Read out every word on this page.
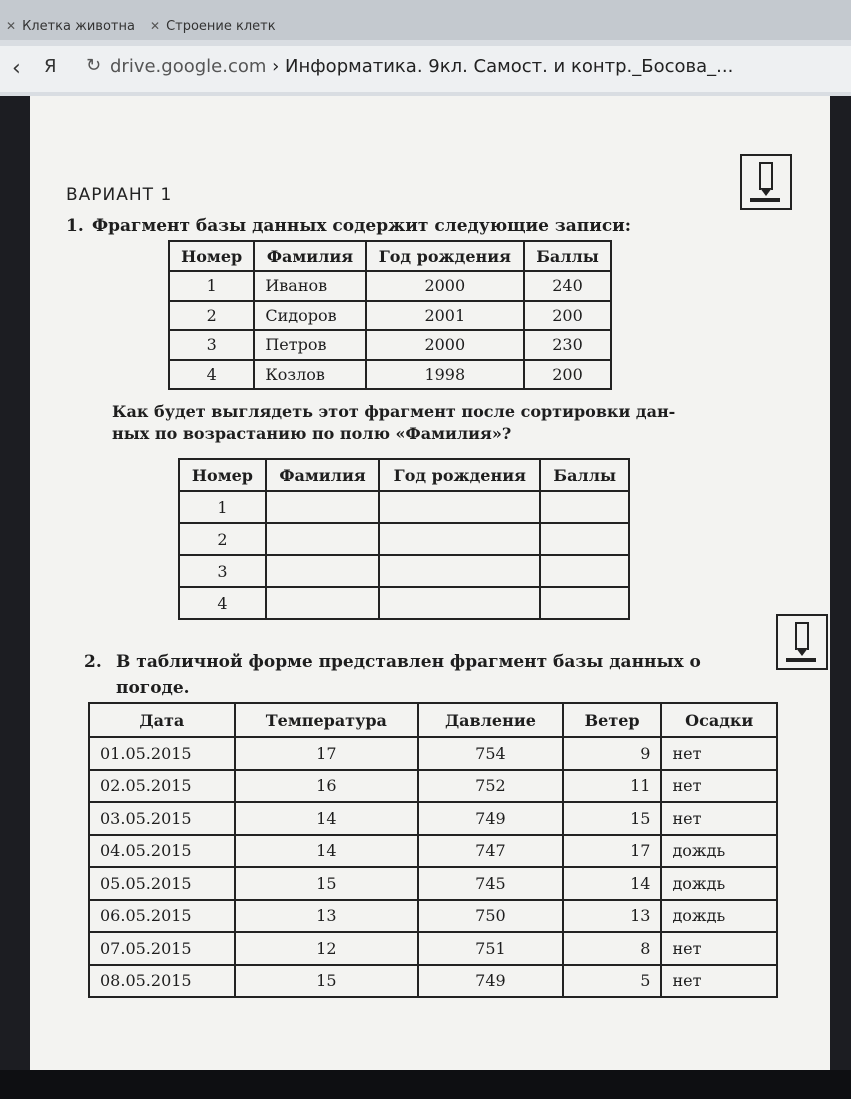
✕ Клетка животна ✕ Строение клетк
‹ Я ↻ drive.google.com › Информатика. 9кл. Самост. и контр._Босова_...
ВАРИАНТ 1
1. Фрагмент базы данных содержит следующие записи:
Номер	Фамилия	Год рождения	Баллы
1	Иванов	2000	240
2	Сидоров	2001	200
3	Петров	2000	230
4	Козлов	1998	200
Как будет выглядеть этот фрагмент после сортировки дан-
ных по возрастанию по полю «Фамилия»?
Номер	Фамилия	Год рождения	Баллы
1			
2			
3			
4			
2. В табличной форме представлен фрагмент базы данных о
погоде.
Дата	Температура	Давление	Ветер	Осадки
01.05.2015	17	754	9	нет
02.05.2015	16	752	11	нет
03.05.2015	14	749	15	нет
04.05.2015	14	747	17	дождь
05.05.2015	15	745	14	дождь
06.05.2015	13	750	13	дождь
07.05.2015	12	751	8	нет
08.05.2015	15	749	5	нет
